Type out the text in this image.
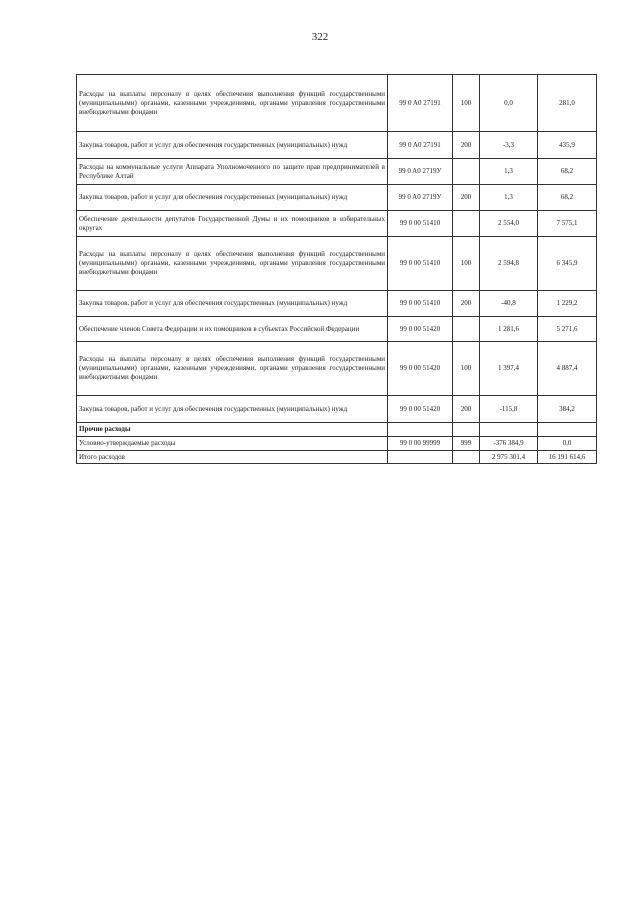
322
Расходы на выплаты персоналу в целях обеспечения выполнения функций государственными (муниципальными) органами, казенными учреждениями, органами управления государственными внебюджетными фондами	99 0 A0 27191	100	0,0	281,0
Закупка товаров, работ и услуг для обеспечения государственных (муниципальных) нужд	99 0 A0 27191	200	-3,3	435,9
Расходы на коммунальные услуги Аппарата Уполномоченного по защите прав предпринимателей в Республике Алтай	99 0 A0 2719У		1,3	68,2
Закупка товаров, работ и услуг для обеспечения государственных (муниципальных) нужд	99 0 A0 2719У	200	1,3	68,2
Обеспечение деятельности депутатов Государственной Думы и их помощников в избирательных округах	99 0 00 51410		2 554,0	7 575,1
Расходы на выплаты персоналу в целях обеспечения выполнения функций государственными (муниципальными) органами, казенными учреждениями, органами управления государственными внебюджетными фондами	99 0 00 51410	100	2 594,8	6 345,9
Закупка товаров, работ и услуг для обеспечения государственных (муниципальных) нужд	99 0 00 51410	200	-40,8	1 229,2
Обеспечение членов Совета Федерации и их помощников в субъектах Российской Федерации	99 0 00 51420		1 281,6	5 271,6
Расходы на выплаты персоналу в целях обеспечения выполнения функций государственными (муниципальными) органами, казенными учреждениями, органами управления государственными внебюджетными фондами	99 0 00 51420	100	1 397,4	4 887,4
Закупка товаров, работ и услуг для обеспечения государственных (муниципальных) нужд	99 0 00 51420	200	-115,8	384,2
Прочие расходы				
Условно-утверждаемые расходы	99 0 00 99999	999	-376 384,9	0,0
Итого расходов			2 975 301,4	16 191 614,6
